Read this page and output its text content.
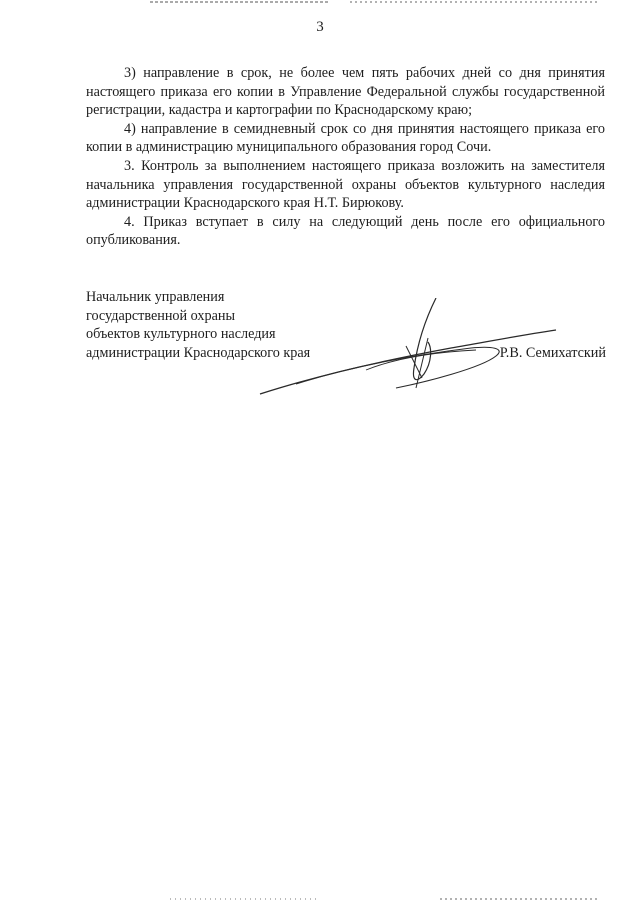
3

3) направление в срок, не более чем пять рабочих дней со дня принятия настоящего приказа его копии в Управление Федеральной службы государственной регистрации, кадастра и картографии по Краснодарскому краю;

4) направление в семидневный срок со дня принятия настоящего приказа его копии в администрацию муниципального образования город Сочи.

3. Контроль за выполнением настоящего приказа возложить на заместителя начальника управления государственной охраны объектов культурного наследия администрации Краснодарского края Н.Т. Бирюкову.

4. Приказ вступает в силу на следующий день после его официального опубликования.

Начальник управления
государственной охраны
объектов культурного наследия
администрации Краснодарского края	Р.В. Семихатский
